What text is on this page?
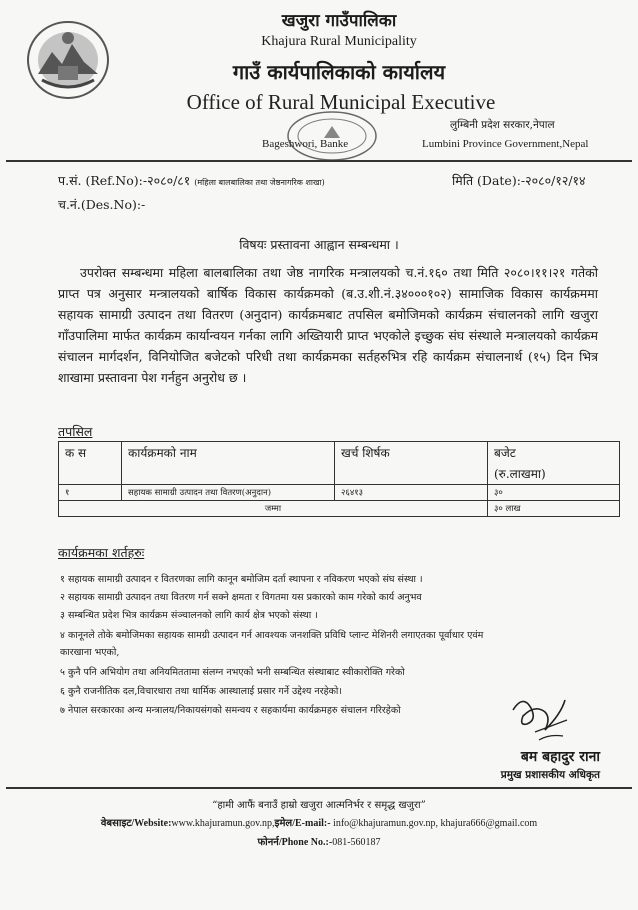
खजुरा गाउँपालिका
Khajura Rural Municipality
गाउँ कार्यपालिकाको कार्यालय
Office of Rural Municipal Executive
Bageshwori, Banke
लुम्बिनी प्रदेश सरकार,नेपाल
Lumbini Province Government,Nepal
प.सं. (Ref.No):-२०८०/८१ (महिला बालबालिका तथा जेष्ठनागरिक शाखा)	मिति (Date):-२०८०/१२/१४
च.नं.(Des.No):-
विषयः प्रस्तावना आह्वान सम्बन्धमा ।
उपरोक्त सम्बन्धमा महिला बालबालिका तथा जेष्ठ नागरिक मन्त्रालयको च.नं.१६० तथा मिति २०८०।११।२१ गतेको प्राप्त पत्र अनुसार मन्त्रालयको बार्षिक विकास कार्यक्रमको (ब.उ.शी.नं.३४०००१०२) सामाजिक विकास कार्यक्रममा सहायक सामाग्री उत्पादन तथा वितरण (अनुदान) कार्यक्रमबाट तपसिल बमोजिमको कार्यक्रम संचालनको लागि खजुरा गाँउपालिमा मार्फत कार्यक्रम कार्यान्वयन गर्नका लागि अख्तियारी प्राप्त भएकोले इच्छुक संघ संस्थाले मन्त्रालयको कार्यक्रम संचालन मार्गदर्शन, विनियोजित बजेटको परिधी तथा कार्यक्रमका सर्तहरुभित्र रहि कार्यक्रम संचालनार्थ (१५) दिन भित्र शाखामा प्रस्तावना पेश गर्नहुन अनुरोध छ ।
तपसिल
क स	कार्यक्रमको नाम	खर्च शिर्षक	बजेट
(रु.लाखमा)

१	सहायक सामाग्री उत्पादन तथा वितरण(अनुदान)	२६४१३	३०
जम्मा			३० लाख
कार्यक्रमका शर्तहरुः
१ सहायक सामाग्री उत्पादन र वितरणका लागि कानून बमोजिम दर्ता स्थापना र नविकरण भएको संघ संस्था ।
२ सहायक सामाग्री उत्पादन तथा वितरण गर्न सक्ने क्षमता र विगतमा यस प्रकारको काम गरेको कार्य अनुभव
३ सम्बन्धित प्रदेश भित्र कार्यक्रम संञ्चालनको लागि कार्य क्षेत्र भएको संस्था ।
४ कानूनले तोके बमोजिमका सहायक सामग्री उत्पादन गर्न आवश्यक जनशक्ति प्रविधि प्लान्ट मेशिनरी लगाएतका पूर्वाधार एवंम
कारखाना भएको,
५ कुनै पनि अभियोग तथा अनियमिततामा संलग्न नभएको भनी सम्बन्धित संस्थाबाट स्वीकारोक्ति गरेको
६ कुनै राजनीतिक दल,विचारधारा तथा धार्मिक आस्थालाई प्रसार गर्ने उद्देश्य नरहेको।
७ नेपाल सरकारका अन्य मन्त्रालय/निकायसंगको समन्वय र सहकार्यमा कार्यक्रमहरु संचालन गरिरहेको
बम बहादुर राना
प्रमुख प्रशासकीय अधिकृत
“हामी आफैं बनाउँ हाम्रो खजुरा आत्मनिर्भर र समृद्ध खजुरा”
वेबसाइट/Website:www.khajuramun.gov.np,इमेल/E-mail:- info@khajuramun.gov.np, khajura666@gmail.com
फोनर्न/Phone No.:-081-560187
